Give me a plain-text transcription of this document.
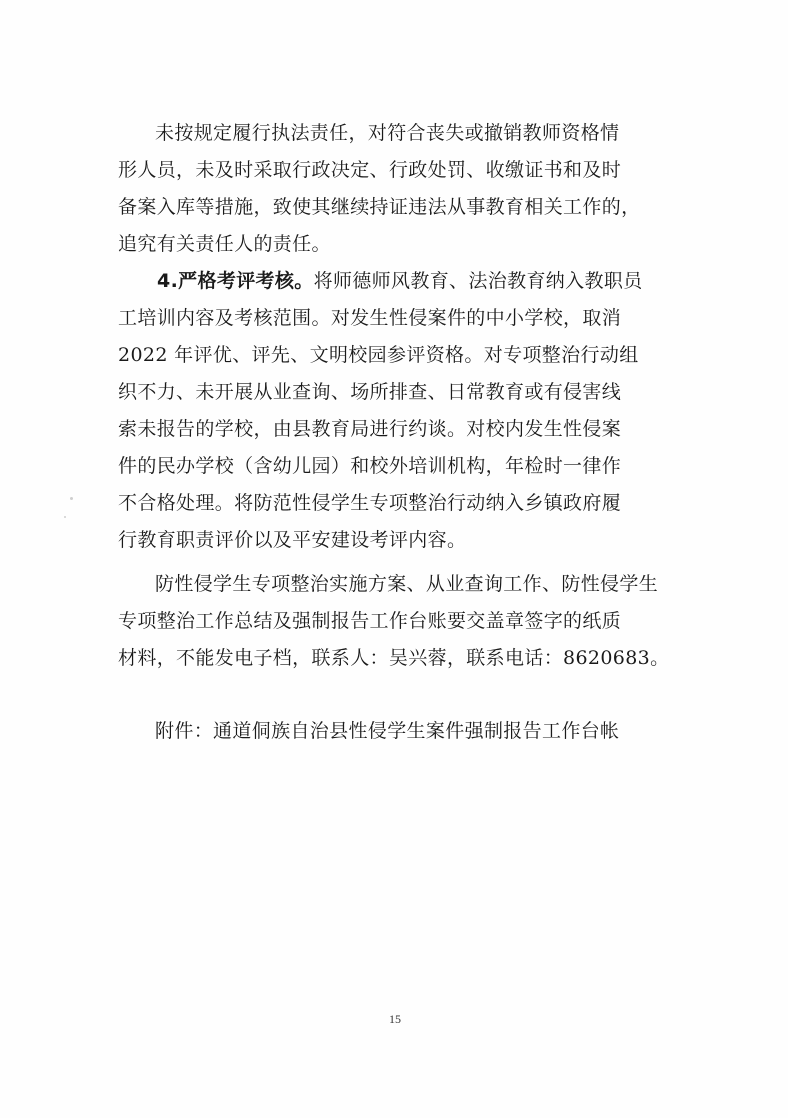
未按规定履行执法责任，对符合丧失或撤销教师资格情
形人员，未及时采取行政决定、行政处罚、收缴证书和及时
备案入库等措施，致使其继续持证违法从事教育相关工作的，
追究有关责任人的责任。
4.严格考评考核。将师德师风教育、法治教育纳入教职员
工培训内容及考核范围。对发生性侵案件的中小学校，取消
2022 年评优、评先、文明校园参评资格。对专项整治行动组
织不力、未开展从业查询、场所排查、日常教育或有侵害线
索未报告的学校，由县教育局进行约谈。对校内发生性侵案
件的民办学校（含幼儿园）和校外培训机构，年检时一律作
不合格处理。将防范性侵学生专项整治行动纳入乡镇政府履
行教育职责评价以及平安建设考评内容。
防性侵学生专项整治实施方案、从业查询工作、防性侵学生
专项整治工作总结及强制报告工作台账要交盖章签字的纸质
材料，不能发电子档，联系人：吴兴蓉，联系电话：8620683。
附件：通道侗族自治县性侵学生案件强制报告工作台帐
15
